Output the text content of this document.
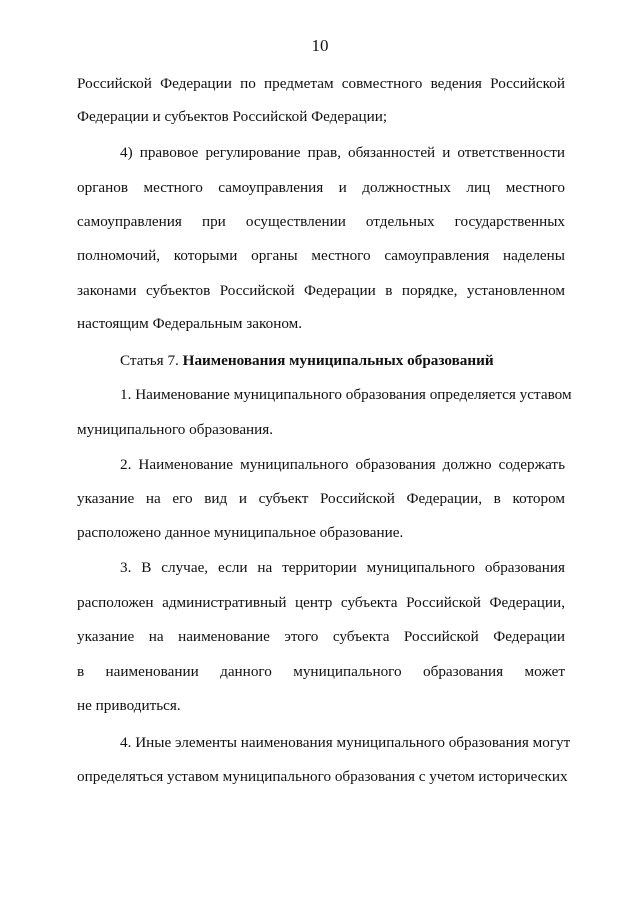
10
Российской Федерации по предметам совместного ведения Российской
Федерации и субъектов Российской Федерации;
4) правовое регулирование прав, обязанностей и ответственности
органов местного самоуправления и должностных лиц местного
самоуправления при осуществлении отдельных государственных
полномочий, которыми органы местного самоуправления наделены
законами субъектов Российской Федерации в порядке, установленном
настоящим Федеральным законом.
Статья 7. Наименования муниципальных образований
1. Наименование муниципального образования определяется уставом
муниципального образования.
2. Наименование муниципального образования должно содержать
указание на его вид и субъект Российской Федерации, в котором
расположено данное муниципальное образование.
3. В случае, если на территории муниципального образования
расположен административный центр субъекта Российской Федерации,
указание на наименование этого субъекта Российской Федерации
в наименовании данного муниципального образования может
не приводиться.
4. Иные элементы наименования муниципального образования могут
определяться уставом муниципального образования с учетом исторических
